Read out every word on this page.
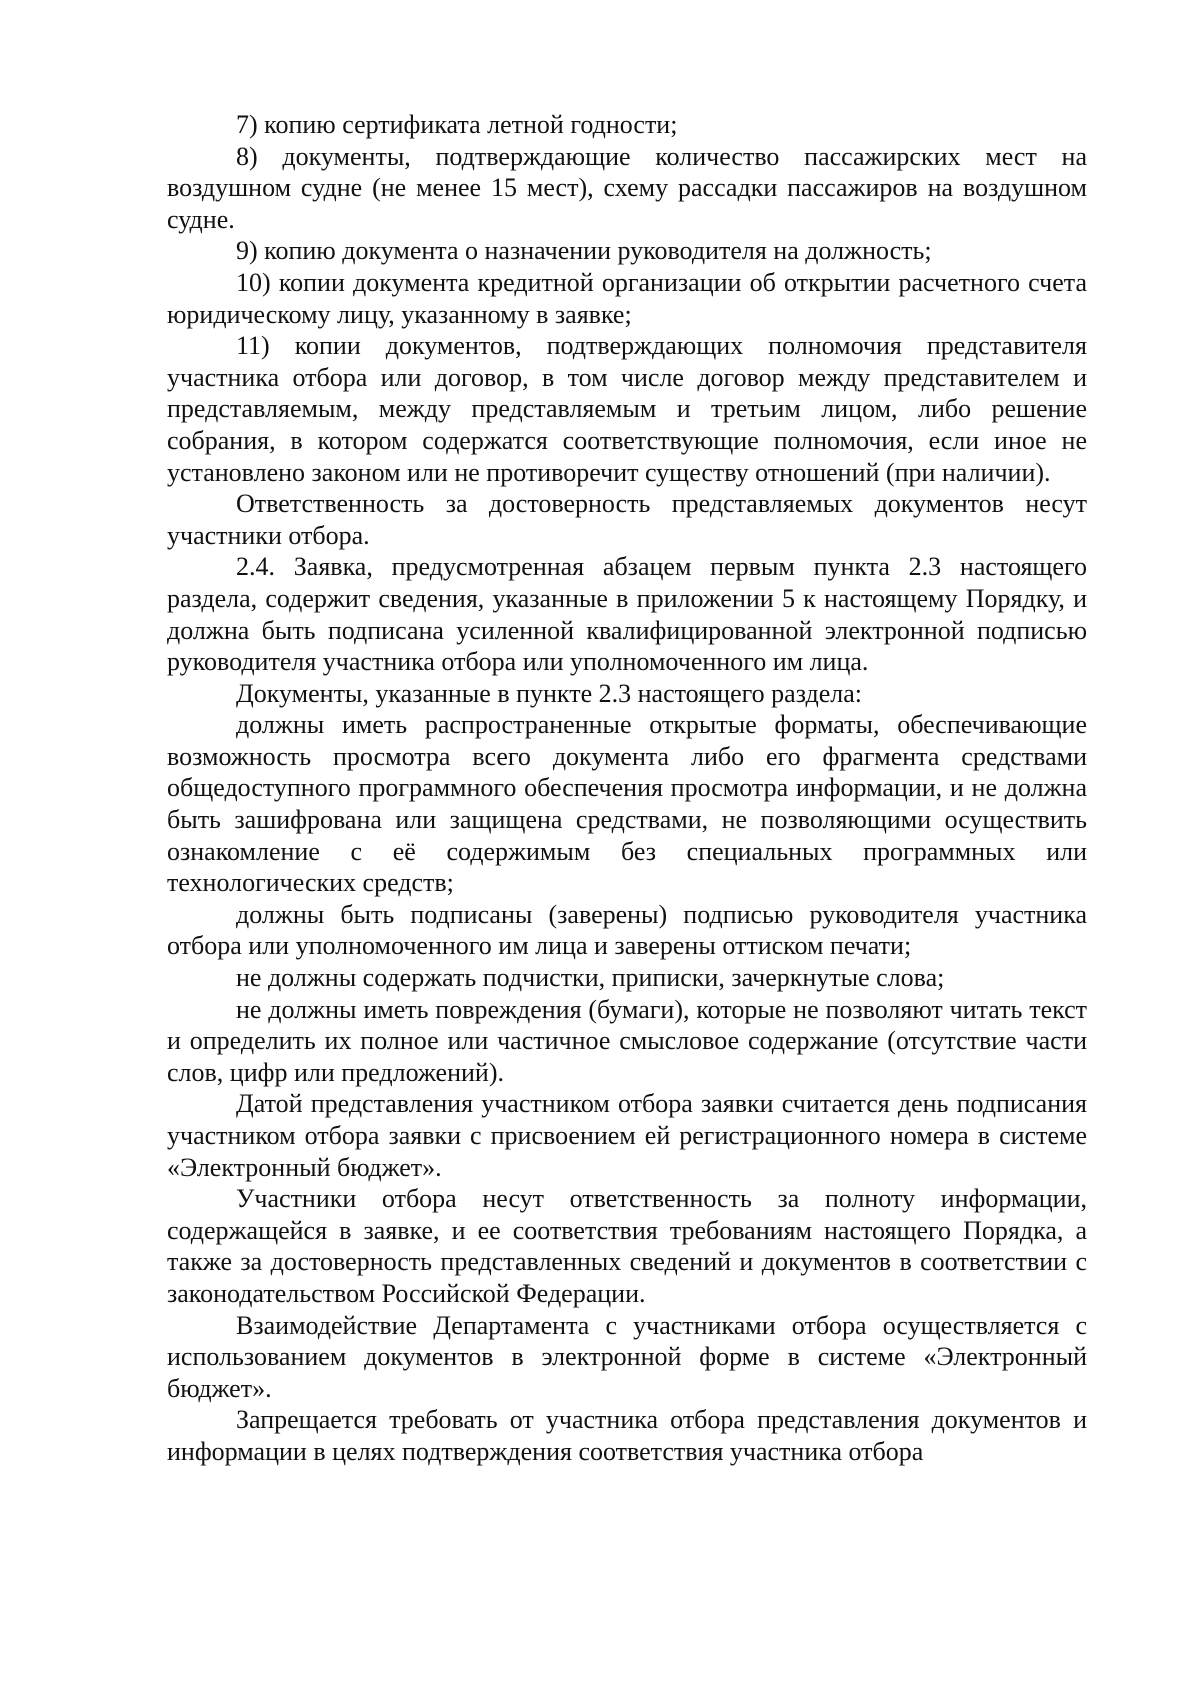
7) копию сертификата летной годности;

8) документы, подтверждающие количество пассажирских мест на воздушном судне (не менее 15 мест), схему рассадки пассажиров на воздушном судне.

9) копию документа о назначении руководителя на должность;

10) копии документа кредитной организации об открытии расчетного счета юридическому лицу, указанному в заявке;

11) копии документов, подтверждающих полномочия представителя участника отбора или договор, в том числе договор между представителем и представляемым, между представляемым и третьим лицом, либо решение собрания, в котором содержатся соответствующие полномочия, если иное не установлено законом или не противоречит существу отношений (при наличии).

Ответственность за достоверность представляемых документов несут участники отбора.

2.4. Заявка, предусмотренная абзацем первым пункта 2.3 настоящего раздела, содержит сведения, указанные в приложении 5 к настоящему Порядку, и должна быть подписана усиленной квалифицированной электронной подписью руководителя участника отбора или уполномоченного им лица.

Документы, указанные в пункте 2.3 настоящего раздела:

должны иметь распространенные открытые форматы, обеспечивающие возможность просмотра всего документа либо его фрагмента средствами общедоступного программного обеспечения просмотра информации, и не должна быть зашифрована или защищена средствами, не позволяющими осуществить ознакомление с её содержимым без специальных программных или технологических средств;

должны быть подписаны (заверены) подписью руководителя участника отбора или уполномоченного им лица и заверены оттиском печати;

не должны содержать подчистки, приписки, зачеркнутые слова;

не должны иметь повреждения (бумаги), которые не позволяют читать текст и определить их полное или частичное смысловое содержание (отсутствие части слов, цифр или предложений).

Датой представления участником отбора заявки считается день подписания участником отбора заявки с присвоением ей регистрационного номера в системе «Электронный бюджет».

Участники отбора несут ответственность за полноту информации, содержащейся в заявке, и ее соответствия требованиям настоящего Порядка, а также за достоверность представленных сведений и документов в соответствии с законодательством Российской Федерации.

Взаимодействие Департамента с участниками отбора осуществляется с использованием документов в электронной форме в системе «Электронный бюджет».

Запрещается требовать от участника отбора представления документов и информации в целях подтверждения соответствия участника отбора
